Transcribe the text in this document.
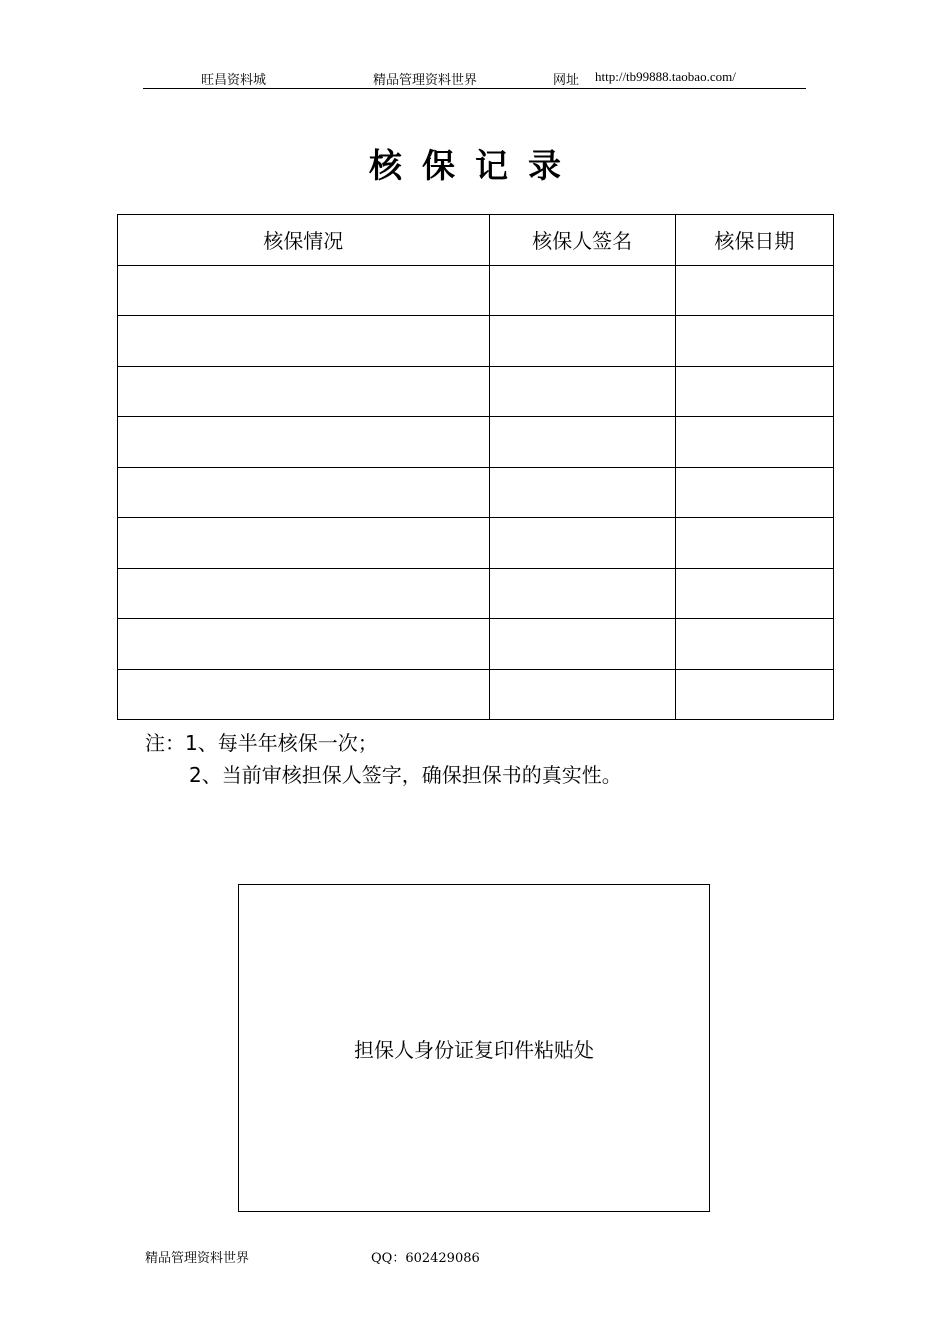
旺昌资料城	精品管理资料世界	网址 http://tb99888.taobao.com/
核保记录
核保情况	核保人签名	核保日期

注：1、每半年核保一次；
2、当前审核担保人签字，确保担保书的真实性。
担保人身份证复印件粘贴处
精品管理资料世界	QQ：602429086
